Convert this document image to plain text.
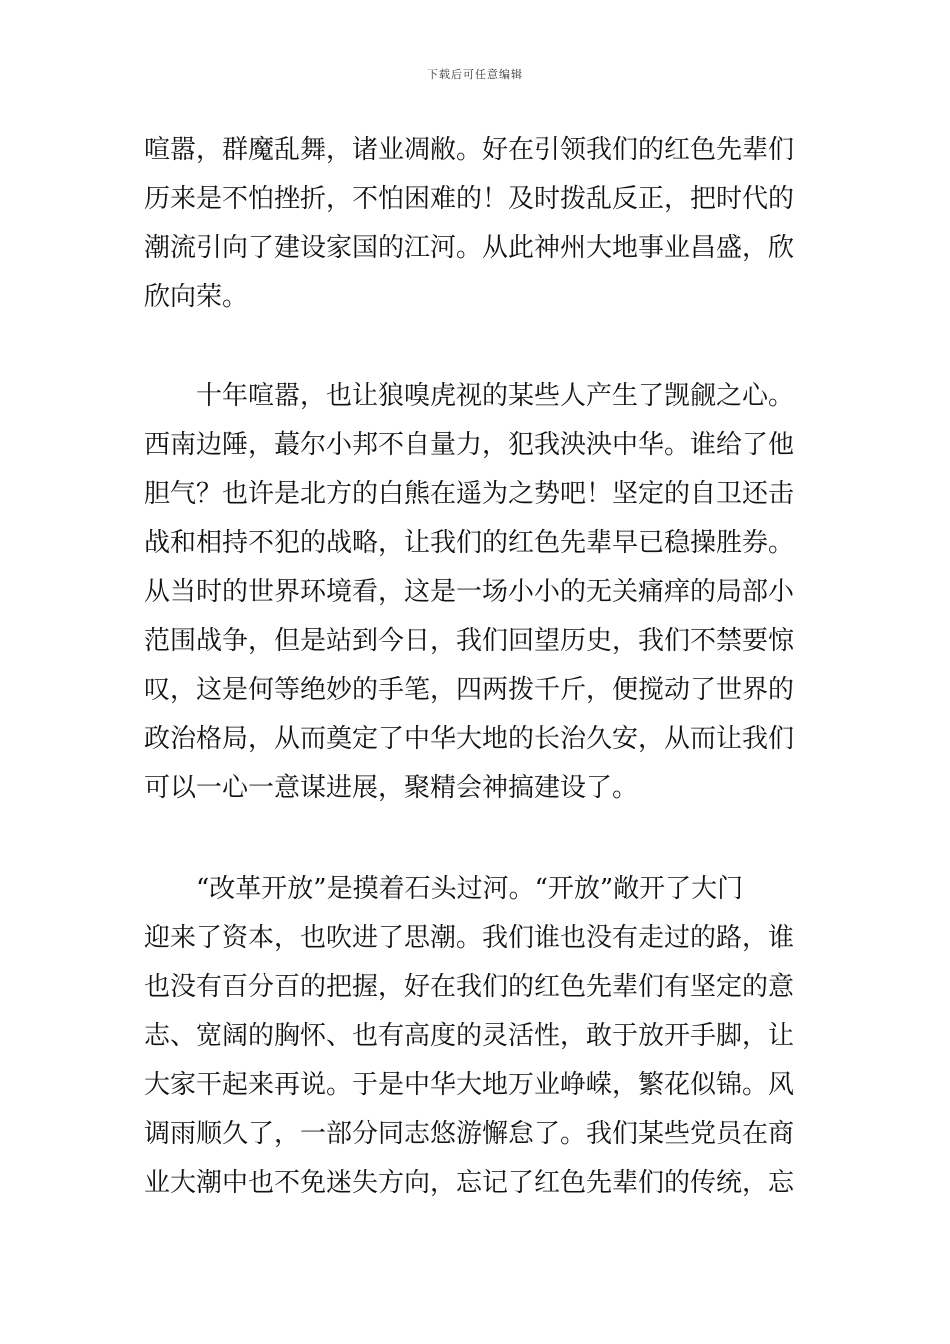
下载后可任意编辑
喧嚣，群魔乱舞，诸业凋敝。好在引领我们的红色先辈们
历来是不怕挫折，不怕困难的！及时拨乱反正，把时代的
潮流引向了建设家国的江河。从此神州大地事业昌盛，欣
欣向荣。
　　十年喧嚣，也让狼嗅虎视的某些人产生了觊觎之心。
西南边陲，蕞尔小邦不自量力，犯我泱泱中华。谁给了他
胆气？也许是北方的白熊在遥为之势吧！坚定的自卫还击
战和相持不犯的战略，让我们的红色先辈早已稳操胜券。
从当时的世界环境看，这是一场小小的无关痛痒的局部小
范围战争，但是站到今日，我们回望历史，我们不禁要惊
叹，这是何等绝妙的手笔，四两拨千斤，便搅动了世界的
政治格局，从而奠定了中华大地的长治久安，从而让我们
可以一心一意谋进展，聚精会神搞建设了。
　　“改革开放”是摸着石头过河。“开放”敞开了大门
迎来了资本，也吹进了思潮。我们谁也没有走过的路，谁
也没有百分百的把握，好在我们的红色先辈们有坚定的意
志、宽阔的胸怀、也有高度的灵活性，敢于放开手脚，让
大家干起来再说。于是中华大地万业峥嵘，繁花似锦。风
调雨顺久了，一部分同志悠游懈怠了。我们某些党员在商
业大潮中也不免迷失方向，忘记了红色先辈们的传统，忘
